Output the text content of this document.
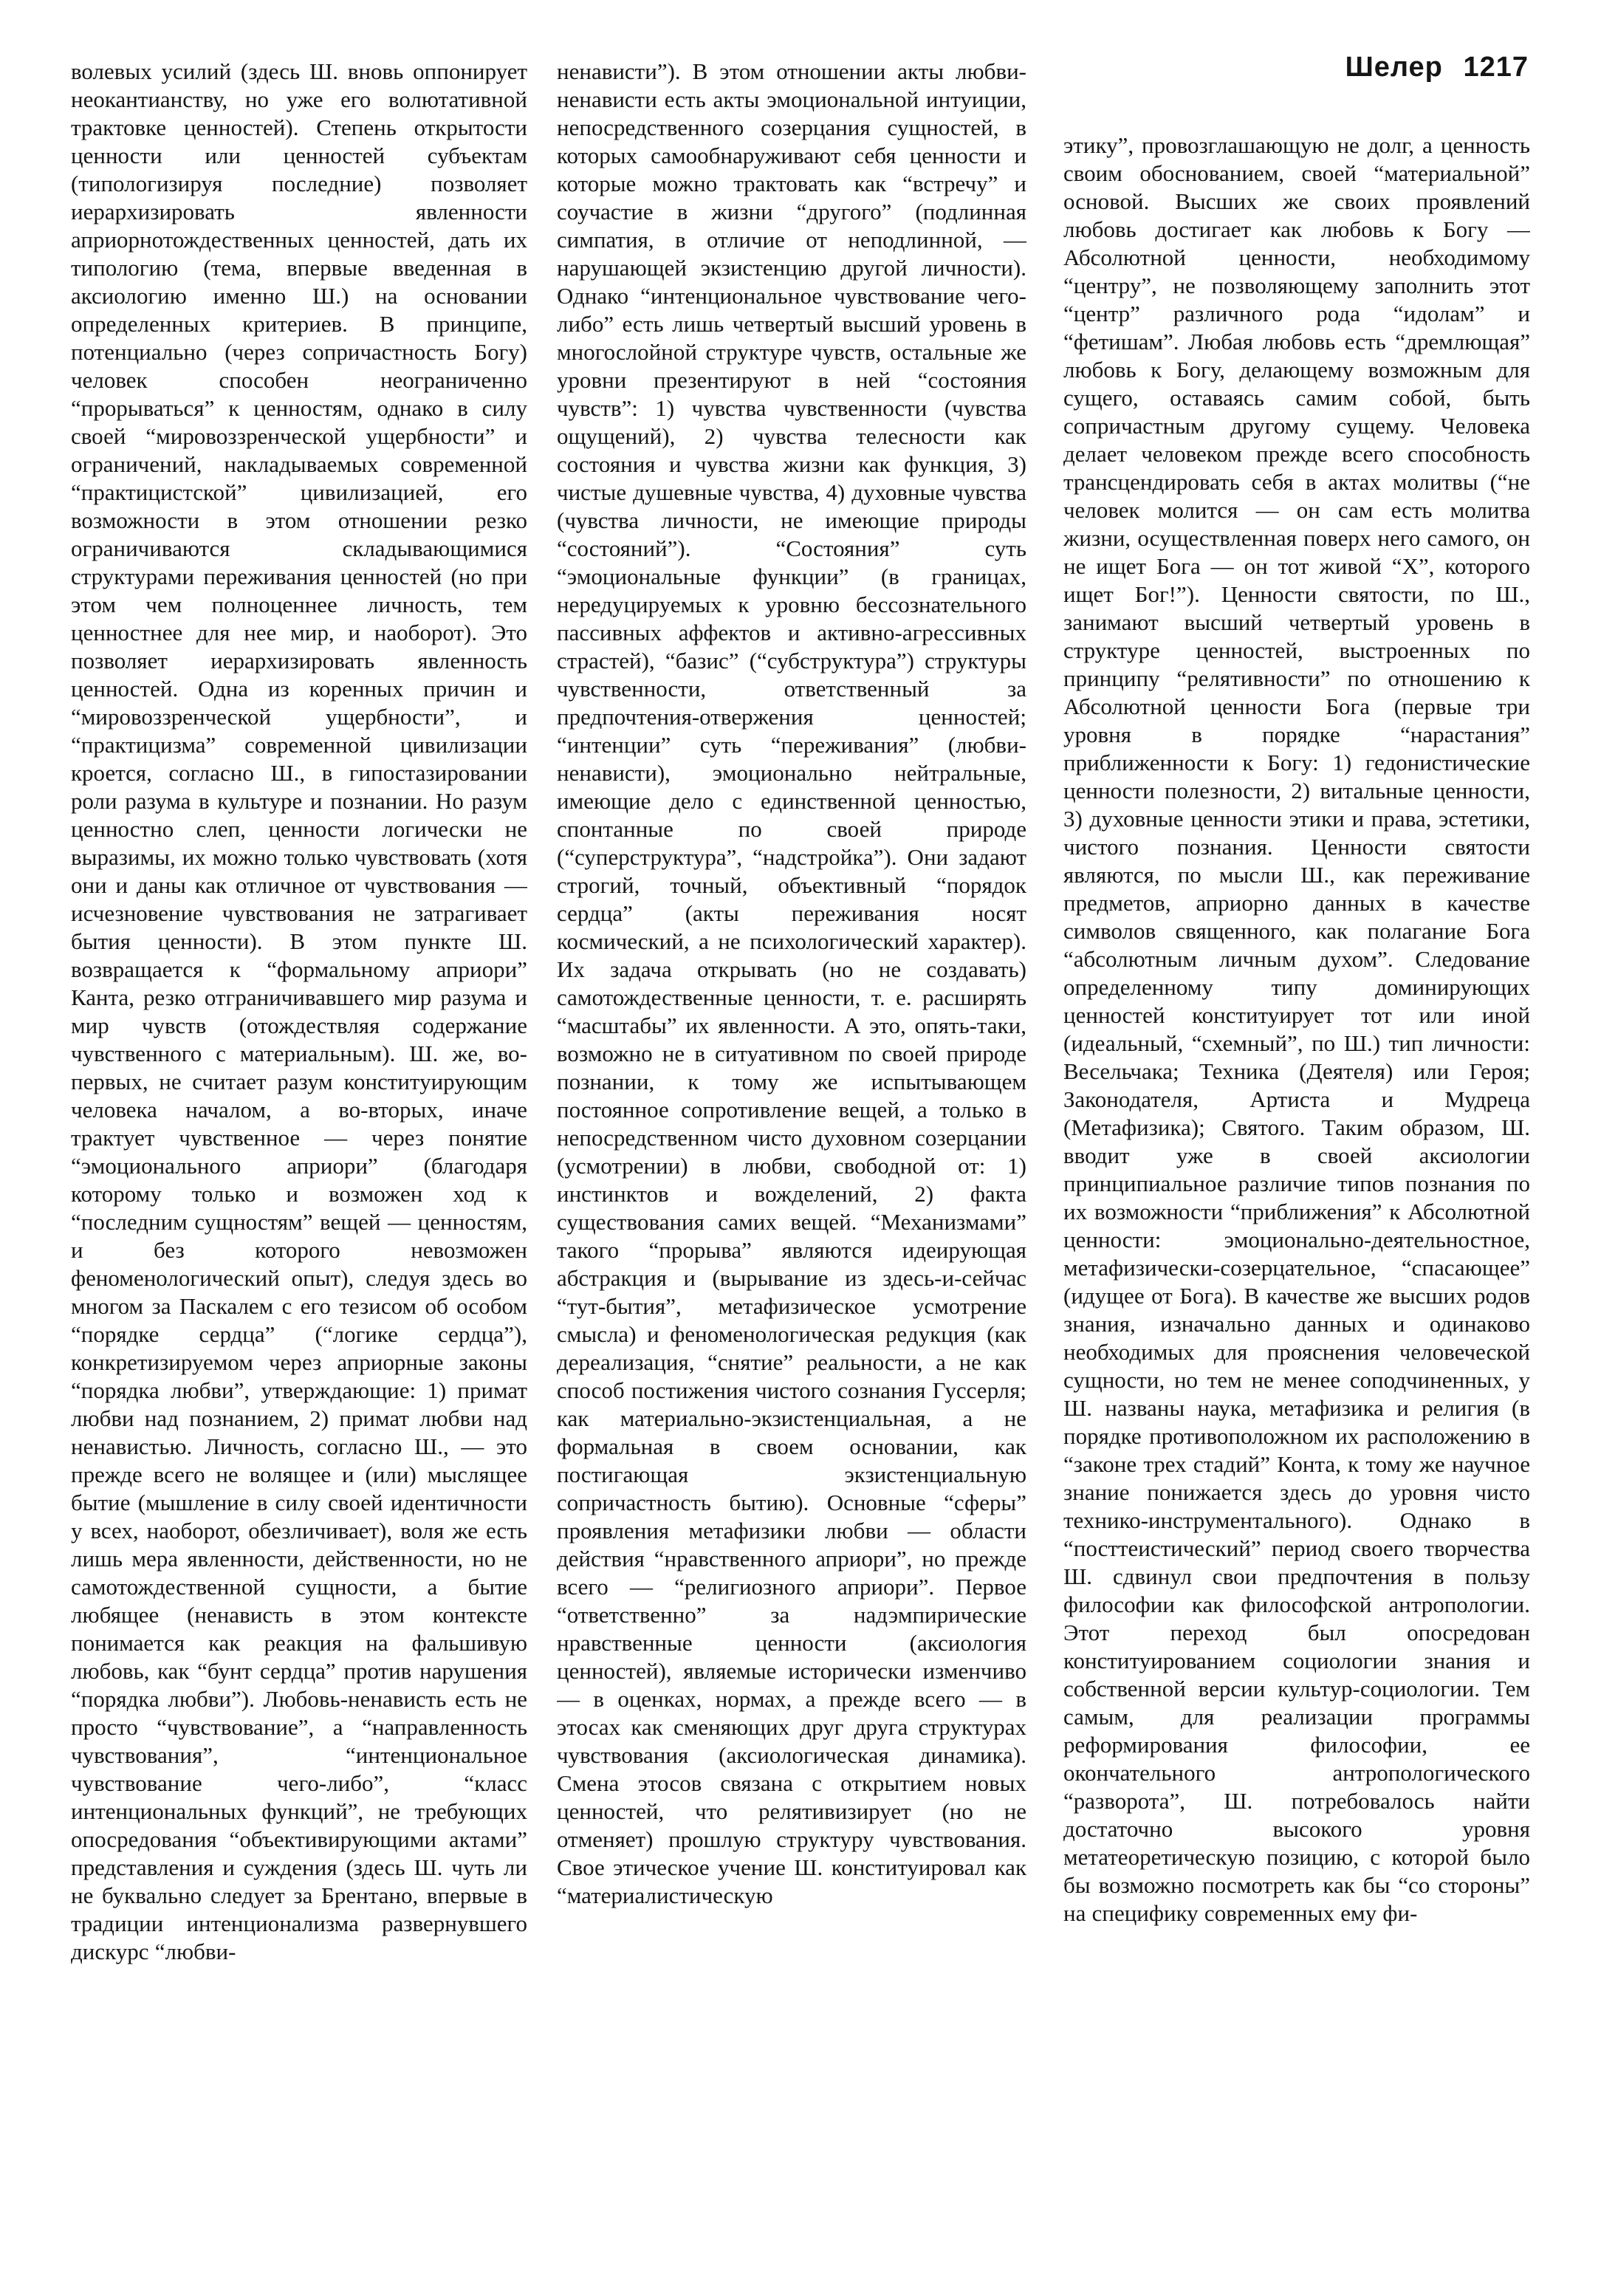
Шелер 1217

волевых усилий (здесь Ш. вновь оппонирует неокантианству, но уже его волютативной трактовке ценностей). Степень открытости ценности или ценностей субъектам (типологизируя последние) позволяет иерархизировать явленности априорнотождественных ценностей, дать их типологию (тема, впервые введенная в аксиологию именно Ш.) на основании определенных критериев. В принципе, потенциально (через сопричастность Богу) человек способен неограниченно “прорываться” к ценностям, однако в силу своей “мировоззренческой ущербности” и ограничений, накладываемых современной “практицистской” цивилизацией, его возможности в этом отношении резко ограничиваются складывающимися структурами переживания ценностей (но при этом чем полноценнее личность, тем ценностнее для нее мир, и наоборот). Это позволяет иерархизировать явленность ценностей. Одна из коренных причин и “мировоззренческой ущербности”, и “практицизма” современной цивилизации кроется, согласно Ш., в гипостазировании роли разума в культуре и познании. Но разум ценностно слеп, ценности логически не выразимы, их можно только чувствовать (хотя они и даны как отличное от чувствования — исчезновение чувствования не затрагивает бытия ценности). В этом пункте Ш. возвращается к “формальному априори” Канта, резко отграничивавшего мир разума и мир чувств (отождествляя содержание чувственного с материальным). Ш. же, во-первых, не считает разум конституирующим человека началом, а во-вторых, иначе трактует чувственное — через понятие “эмоционального априори” (благодаря которому только и возможен ход к “последним сущностям” вещей — ценностям, и без которого невозможен феноменологический опыт), следуя здесь во многом за Паскалем с его тезисом об особом “порядке сердца” (“логике сердца”), конкретизируемом через априорные законы “порядка любви”, утверждающие: 1) примат любви над познанием, 2) примат любви над ненавистью. Личность, согласно Ш., — это прежде всего не волящее и (или) мыслящее бытие (мышление в силу своей идентичности у всех, наоборот, обезличивает), воля же есть лишь мера явленности, действенности, но не самотождественной сущности, а бытие любящее (ненависть в этом контексте понимается как реакция на фальшивую любовь, как “бунт сердца” против нарушения “порядка любви”). Любовь-ненависть есть не просто “чувствование”, а “направленность чувствования”, “интенциональное чувствование чего-либо”, “класс интенциональных функций”, не требующих опосредования “объективирующими актами” представления и суждения (здесь Ш. чуть ли не буквально следует за Брентано, впервые в традиции интенционализма развернувшего дискурс “любви-

ненависти”). В этом отношении акты любви-ненависти есть акты эмоциональной интуиции, непосредственного созерцания сущностей, в которых самообнаруживают себя ценности и которые можно трактовать как “встречу” и соучастие в жизни “другого” (подлинная симпатия, в отличие от неподлинной, — нарушающей экзистенцию другой личности). Однако “интенциональное чувствование чего-либо” есть лишь четвертый высший уровень в многослойной структуре чувств, остальные же уровни презентируют в ней “состояния чувств”: 1) чувства чувственности (чувства ощущений), 2) чувства телесности как состояния и чувства жизни как функция, 3) чистые душевные чувства, 4) духовные чувства (чувства личности, не имеющие природы “состояний”). “Состояния” суть “эмоциональные функции” (в границах, нередуцируемых к уровню бессознательного пассивных аффектов и активно-агрессивных страстей), “базис” (“субструктура”) структуры чувственности, ответственный за предпочтения-отвержения ценностей; “интенции” суть “переживания” (любви-ненависти), эмоционально нейтральные, имеющие дело с единственной ценностью, спонтанные по своей природе (“суперструктура”, “надстройка”). Они задают строгий, точный, объективный “порядок сердца” (акты переживания носят космический, а не психологический характер). Их задача открывать (но не создавать) самотождественные ценности, т. е. расширять “масштабы” их явленности. А это, опять-таки, возможно не в ситуативном по своей природе познании, к тому же испытывающем постоянное сопротивление вещей, а только в непосредственном чисто духовном созерцании (усмотрении) в любви, свободной от: 1) инстинктов и вожделений, 2) факта существования самих вещей. “Механизмами” такого “прорыва” являются идеирующая абстракция и (вырывание из здесь-и-сейчас “тут-бытия”, метафизическое усмотрение смысла) и феноменологическая редукция (как дереализация, “снятие” реальности, а не как способ постижения чистого сознания Гуссерля; как материально-экзистенциальная, а не формальная в своем основании, как постигающая экзистенциальную сопричастность бытию). Основные “сферы” проявления метафизики любви — области действия “нравственного априори”, но прежде всего — “религиозного априори”. Первое “ответственно” за надэмпирические нравственные ценности (аксиология ценностей), являемые исторически изменчиво — в оценках, нормах, а прежде всего — в этосах как сменяющих друг друга структурах чувствования (аксиологическая динамика). Смена этосов связана с открытием новых ценностей, что релятивизирует (но не отменяет) прошлую структуру чувствования. Свое этическое учение Ш. конституировал как “материалистическую

этику”, провозглашающую не долг, а ценность своим обоснованием, своей “материальной” основой. Высших же своих проявлений любовь достигает как любовь к Богу — Абсолютной ценности, необходимому “центру”, не позволяющему заполнить этот “центр” различного рода “идолам” и “фетишам”. Любая любовь есть “дремлющая” любовь к Богу, делающему возможным для сущего, оставаясь самим собой, быть сопричастным другому сущему. Человека делает человеком прежде всего способность трансцендировать себя в актах молитвы (“не человек молится — он сам есть молитва жизни, осуществленная поверх него самого, он не ищет Бога — он тот живой “X”, которого ищет Бог!”). Ценности святости, по Ш., занимают высший четвертый уровень в структуре ценностей, выстроенных по принципу “релятивности” по отношению к Абсолютной ценности Бога (первые три уровня в порядке “нарастания” приближенности к Богу: 1) гедонистические ценности полезности, 2) витальные ценности, 3) духовные ценности этики и права, эстетики, чистого познания. Ценности святости являются, по мысли Ш., как переживание предметов, априорно данных в качестве символов священного, как полагание Бога “абсолютным личным духом”. Следование определенному типу доминирующих ценностей конституирует тот или иной (идеальный, “схемный”, по Ш.) тип личности: Весельчака; Техника (Деятеля) или Героя; Законодателя, Артиста и Мудреца (Метафизика); Святого. Таким образом, Ш. вводит уже в своей аксиологии принципиальное различие типов познания по их возможности “приближения” к Абсолютной ценности: эмоционально-деятельностное, метафизически-созерцательное, “спасающее” (идущее от Бога). В качестве же высших родов знания, изначально данных и одинаково необходимых для прояснения человеческой сущности, но тем не менее соподчиненных, у Ш. названы наука, метафизика и религия (в порядке противоположном их расположению в “законе трех стадий” Конта, к тому же научное знание понижается здесь до уровня чисто технико-инструментального). Однако в “посттеистический” период своего творчества Ш. сдвинул свои предпочтения в пользу философии как философской антропологии. Этот переход был опосредован конституированием социологии знания и собственной версии культур-социологии. Тем самым, для реализации программы реформирования философии, ее окончательного антропологического “разворота”, Ш. потребовалось найти достаточно высокого уровня метатеоретическую позицию, с которой было бы возможно посмотреть как бы “со стороны” на специфику современных ему фи-
